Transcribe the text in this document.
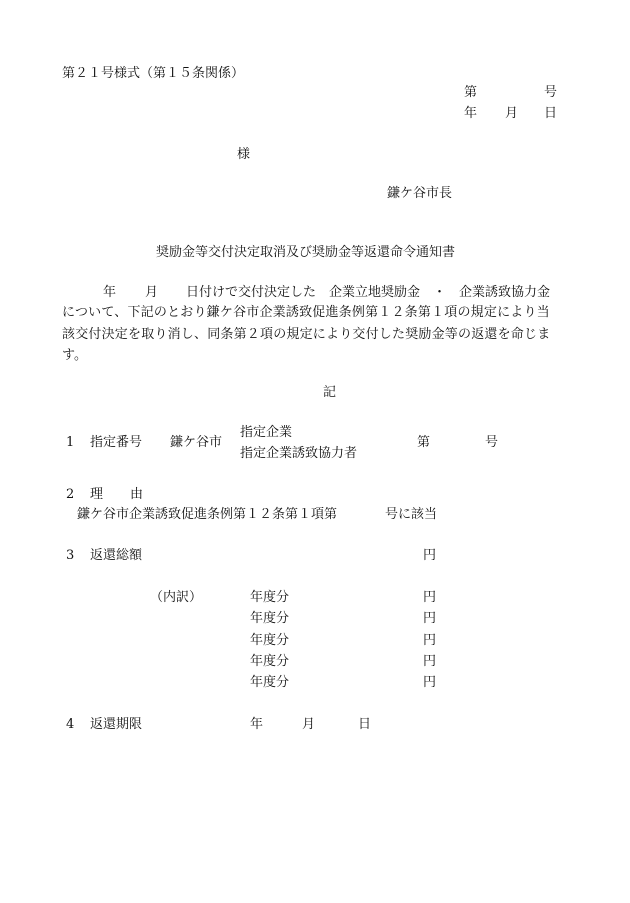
第２１号様式（第１５条関係）
第	号
年 月 日
様
鎌ケ谷市長
奨励金等交付決定取消及び奨励金等返還命令通知書
年 月 日付けで交付決定した　企業立地奨励金　・　企業誘致協力金
について、下記のとおり鎌ケ谷市企業誘致促進条例第１２条第１項の規定により当
該交付決定を取り消し、同条第２項の規定により交付した奨励金等の返還を命じま
す。
記
1 指定番号 鎌ケ谷市
指定企業
指定企業誘致協力者
第	号
2 理 由
鎌ケ谷市企業誘致促進条例第１２条第１項第	号に該当
3 返還総額	円
（内訳）	年度分	円
年度分	円
年度分	円
年度分	円
年度分	円
4 返還期限	年	月	日
